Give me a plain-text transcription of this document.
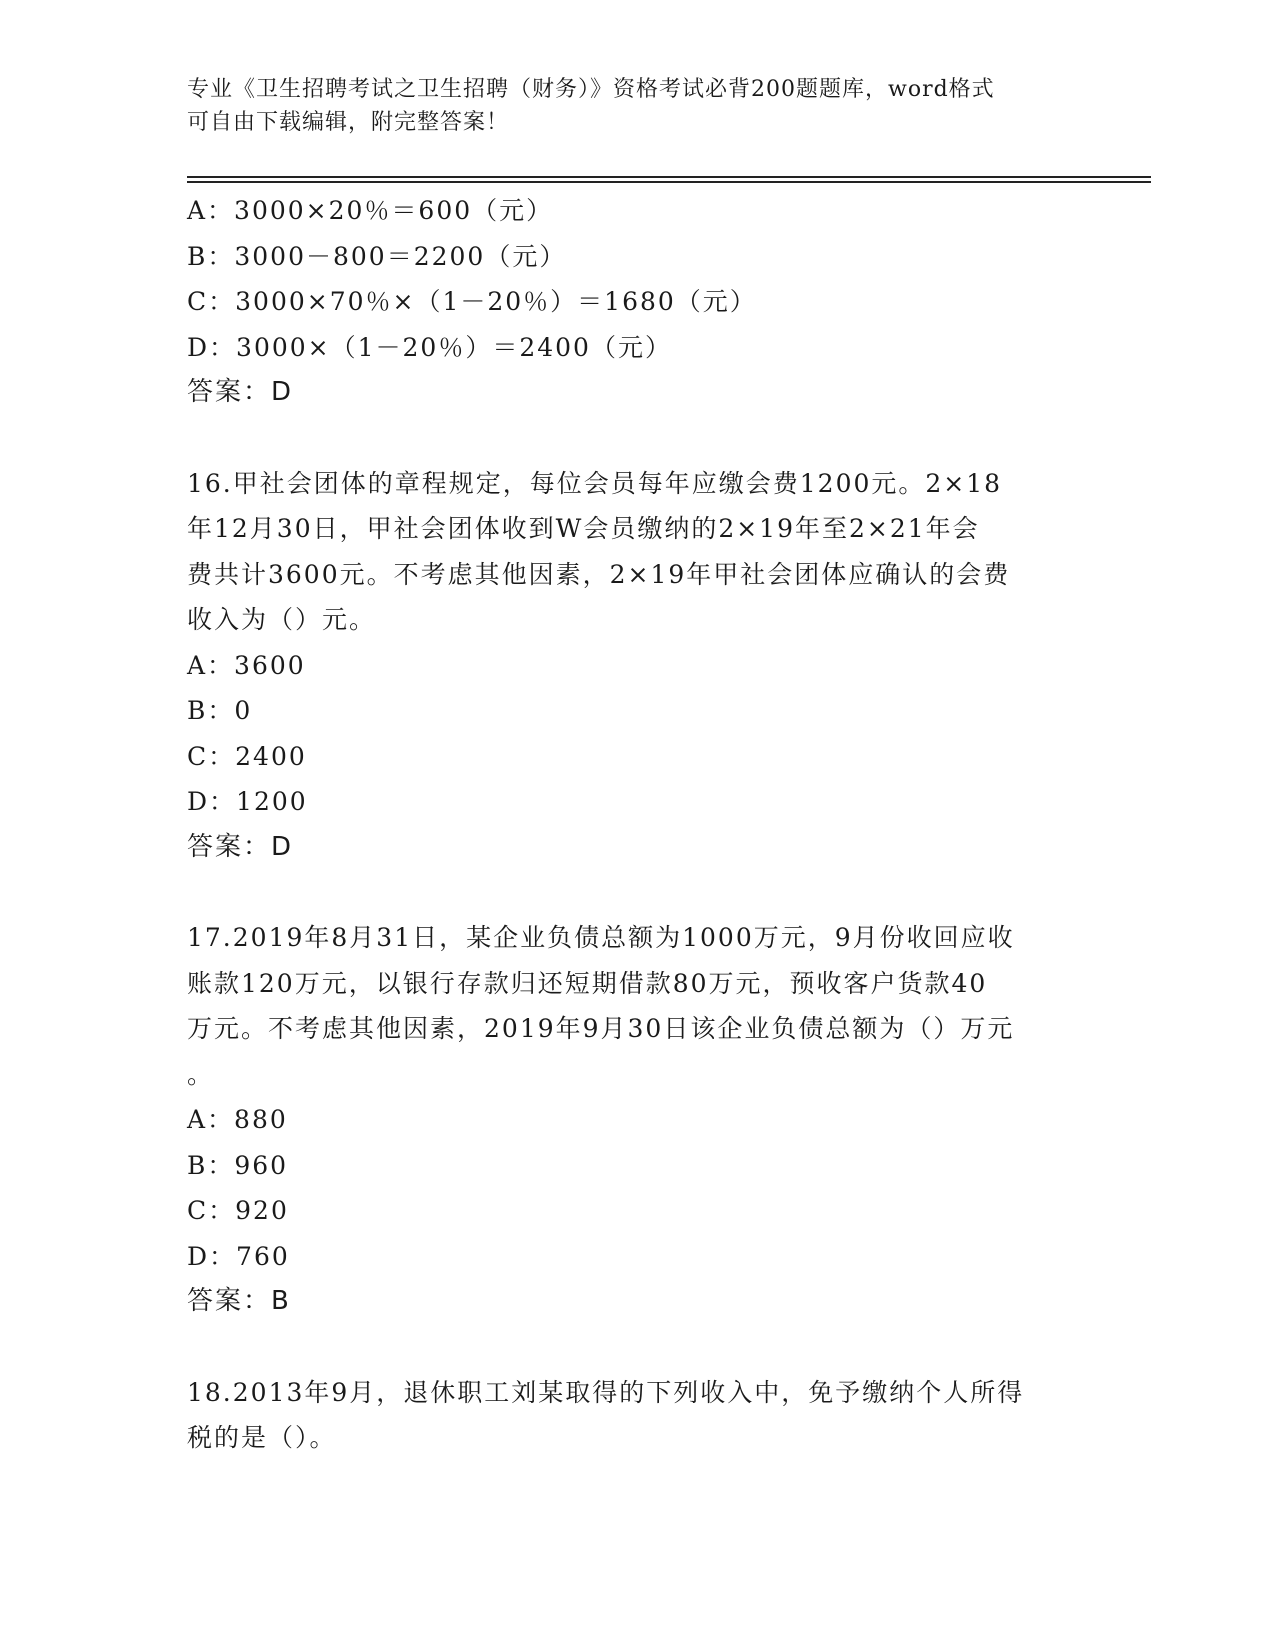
专业《卫生招聘考试之卫生招聘（财务）》资格考试必背200题题库，word格式
可自由下载编辑，附完整答案！
A：3000×20％＝600（元）
B：3000－800＝2200（元）
C：3000×70％×（1－20％）＝1680（元）
D：3000×（1－20％）＝2400（元）
答案：D
16.甲社会团体的章程规定，每位会员每年应缴会费1200元。2×18
年12月30日，甲社会团体收到W会员缴纳的2×19年至2×21年会
费共计3600元。不考虑其他因素，2×19年甲社会团体应确认的会费
收入为（）元。
A：3600
B：0
C：2400
D：1200
答案：D
17.2019年8月31日，某企业负债总额为1000万元，9月份收回应收
账款120万元，以银行存款归还短期借款80万元，预收客户货款40
万元。不考虑其他因素，2019年9月30日该企业负债总额为（）万元
。
A：880
B：960
C：920
D：760
答案：B
18.2013年9月，退休职工刘某取得的下列收入中，免予缴纳个人所得
税的是（）。
